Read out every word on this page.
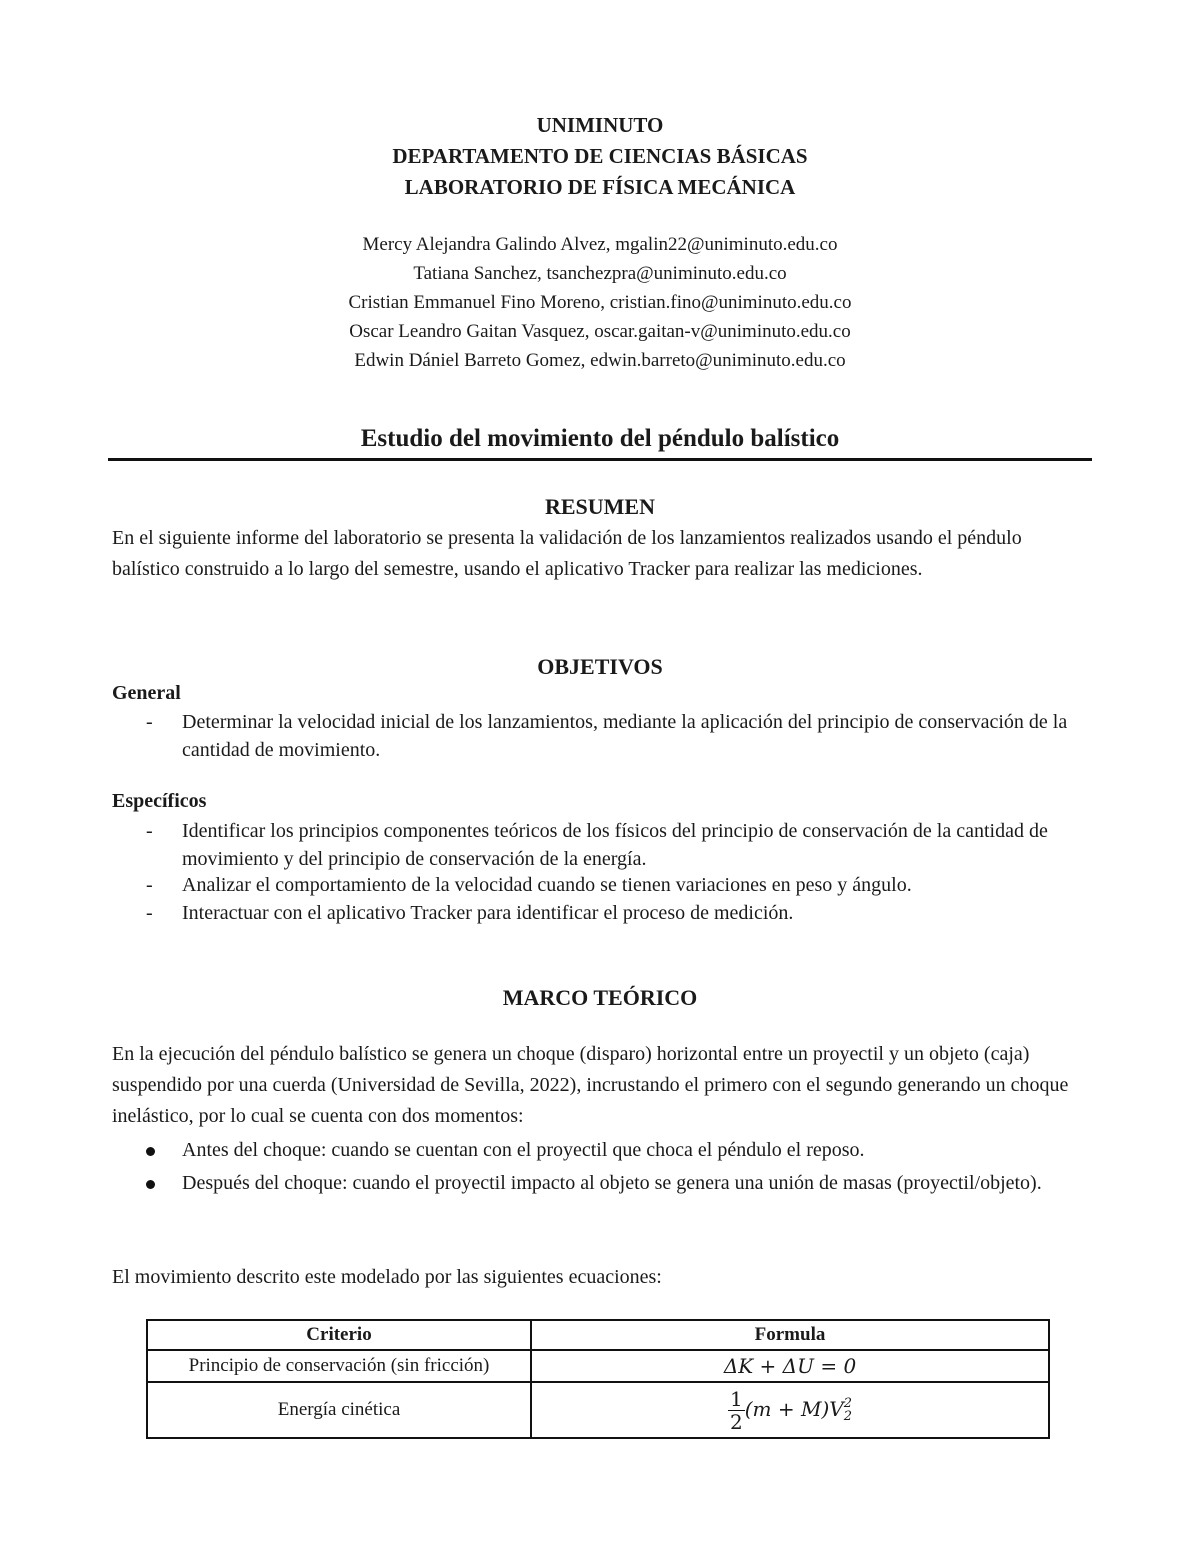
UNIMINUTO
DEPARTAMENTO DE CIENCIAS BÁSICAS
LABORATORIO DE FÍSICA MECÁNICA
Mercy Alejandra Galindo Alvez, mgalin22@uniminuto.edu.co
Tatiana Sanchez, tsanchezpra@uniminuto.edu.co
Cristian Emmanuel Fino Moreno, cristian.fino@uniminuto.edu.co
Oscar Leandro Gaitan Vasquez, oscar.gaitan-v@uniminuto.edu.co
Edwin Dániel Barreto Gomez, edwin.barreto@uniminuto.edu.co
Estudio del movimiento del péndulo balístico
RESUMEN
En el siguiente informe del laboratorio se presenta la validación de los lanzamientos realizados usando el péndulo balístico construido a lo largo del semestre, usando el aplicativo Tracker para realizar las mediciones.
OBJETIVOS
General
- Determinar la velocidad inicial de los lanzamientos, mediante la aplicación del principio de conservación de la cantidad de movimiento.
Específicos
- Identificar los principios componentes teóricos de los físicos del principio de conservación de la cantidad de movimiento y del principio de conservación de la energía.
- Analizar el comportamiento de la velocidad cuando se tienen variaciones en peso y ángulo.
- Interactuar con el aplicativo Tracker para identificar el proceso de medición.
MARCO TEÓRICO
En la ejecución del péndulo balístico se genera un choque (disparo) horizontal entre un proyectil y un objeto (caja) suspendido por una cuerda (Universidad de Sevilla, 2022), incrustando el primero con el segundo generando un choque inelástico, por lo cual se cuenta con dos momentos:
Antes del choque: cuando se cuentan con el proyectil que choca el péndulo el reposo.
Después del choque: cuando el proyectil impacto al objeto se genera una unión de masas (proyectil/objeto).
El movimiento descrito este modelado por las siguientes ecuaciones:
Criterio	Formula
Principio de conservación (sin fricción)	ΔK + ΔU = 0
Energía cinética	$\frac{1}{2} (m + M)V$ 2
2
